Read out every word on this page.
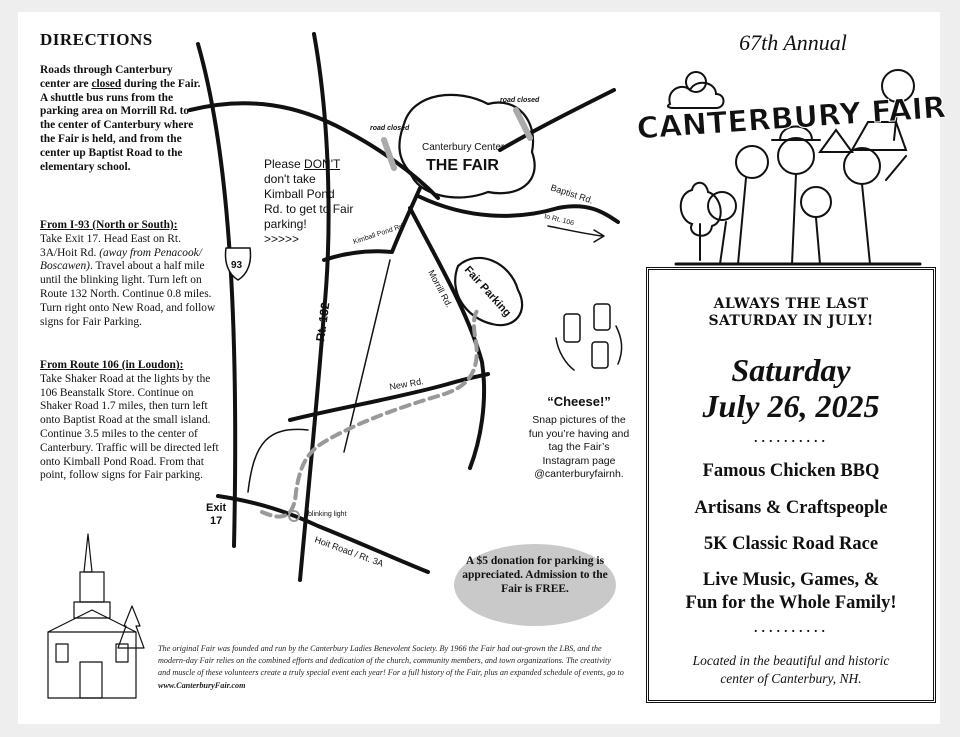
road closed
road closed
Canterbury Center
THE FAIR
Baptist Rd.
to Rt. 106
Kimball Pond Rd
Morrill Rd. Fair Parking
New Rd.
Rt. 132
93
Exit
17
blinking light
Hoit Road / Rt. 3A
DIRECTIONS
Roads through Canterbury center are closed during the Fair. A shuttle bus runs from the parking area on Morrill Rd. to the center of Canterbury where the Fair is held, and from the center up Baptist Road to the elementary school.
From I-93 (North or South):
Take Exit 17. Head East on Rt. 3A/Hoit Rd. (away from Penacook/ Boscawen). Travel about a half mile until the blinking light. Turn left on Route 132 North. Continue 0.8 miles. Turn right onto New Road, and follow signs for Fair Parking.
From Route 106 (in Loudon):
Take Shaker Road at the lights by the 106 Beanstalk Store. Continue on Shaker Road 1.7 miles, then turn left onto Baptist Road at the small island. Continue 3.5 miles to the center of Canterbury. Traffic will be directed left onto Kimball Pond Road. From that point, follow signs for Fair parking.
Please DON'T don't take Kimball Pond Rd. to get to Fair parking!
>>>>>
“Cheese!”
Snap pictures of the fun you’re having and tag the Fair’s Instagram page @canterburyfairnh.
A $5 donation for parking is appreciated. Admission to the Fair is FREE.
The original Fair was founded and run by the Canterbury Ladies Benevolent Society. By 1966 the Fair had out-grown the LBS, and the modern-day Fair relies on the combined efforts and dedication of the church, community members, and town organizations. The creativity and muscle of these volunteers create a truly special event each year! For a full history of the Fair, plus an expanded schedule of events, go to www.CanterburyFair.com
67th Annual
CANTERBURY FAIR
ALWAYS THE LAST
SATURDAY IN JULY!
Saturday
July 26, 2025
..........
Famous Chicken BBQ
Artisans & Craftspeople
5K Classic Road Race
Live Music, Games, &
Fun for the Whole Family!
..........
Located in the beautiful and historic
center of Canterbury, NH.
